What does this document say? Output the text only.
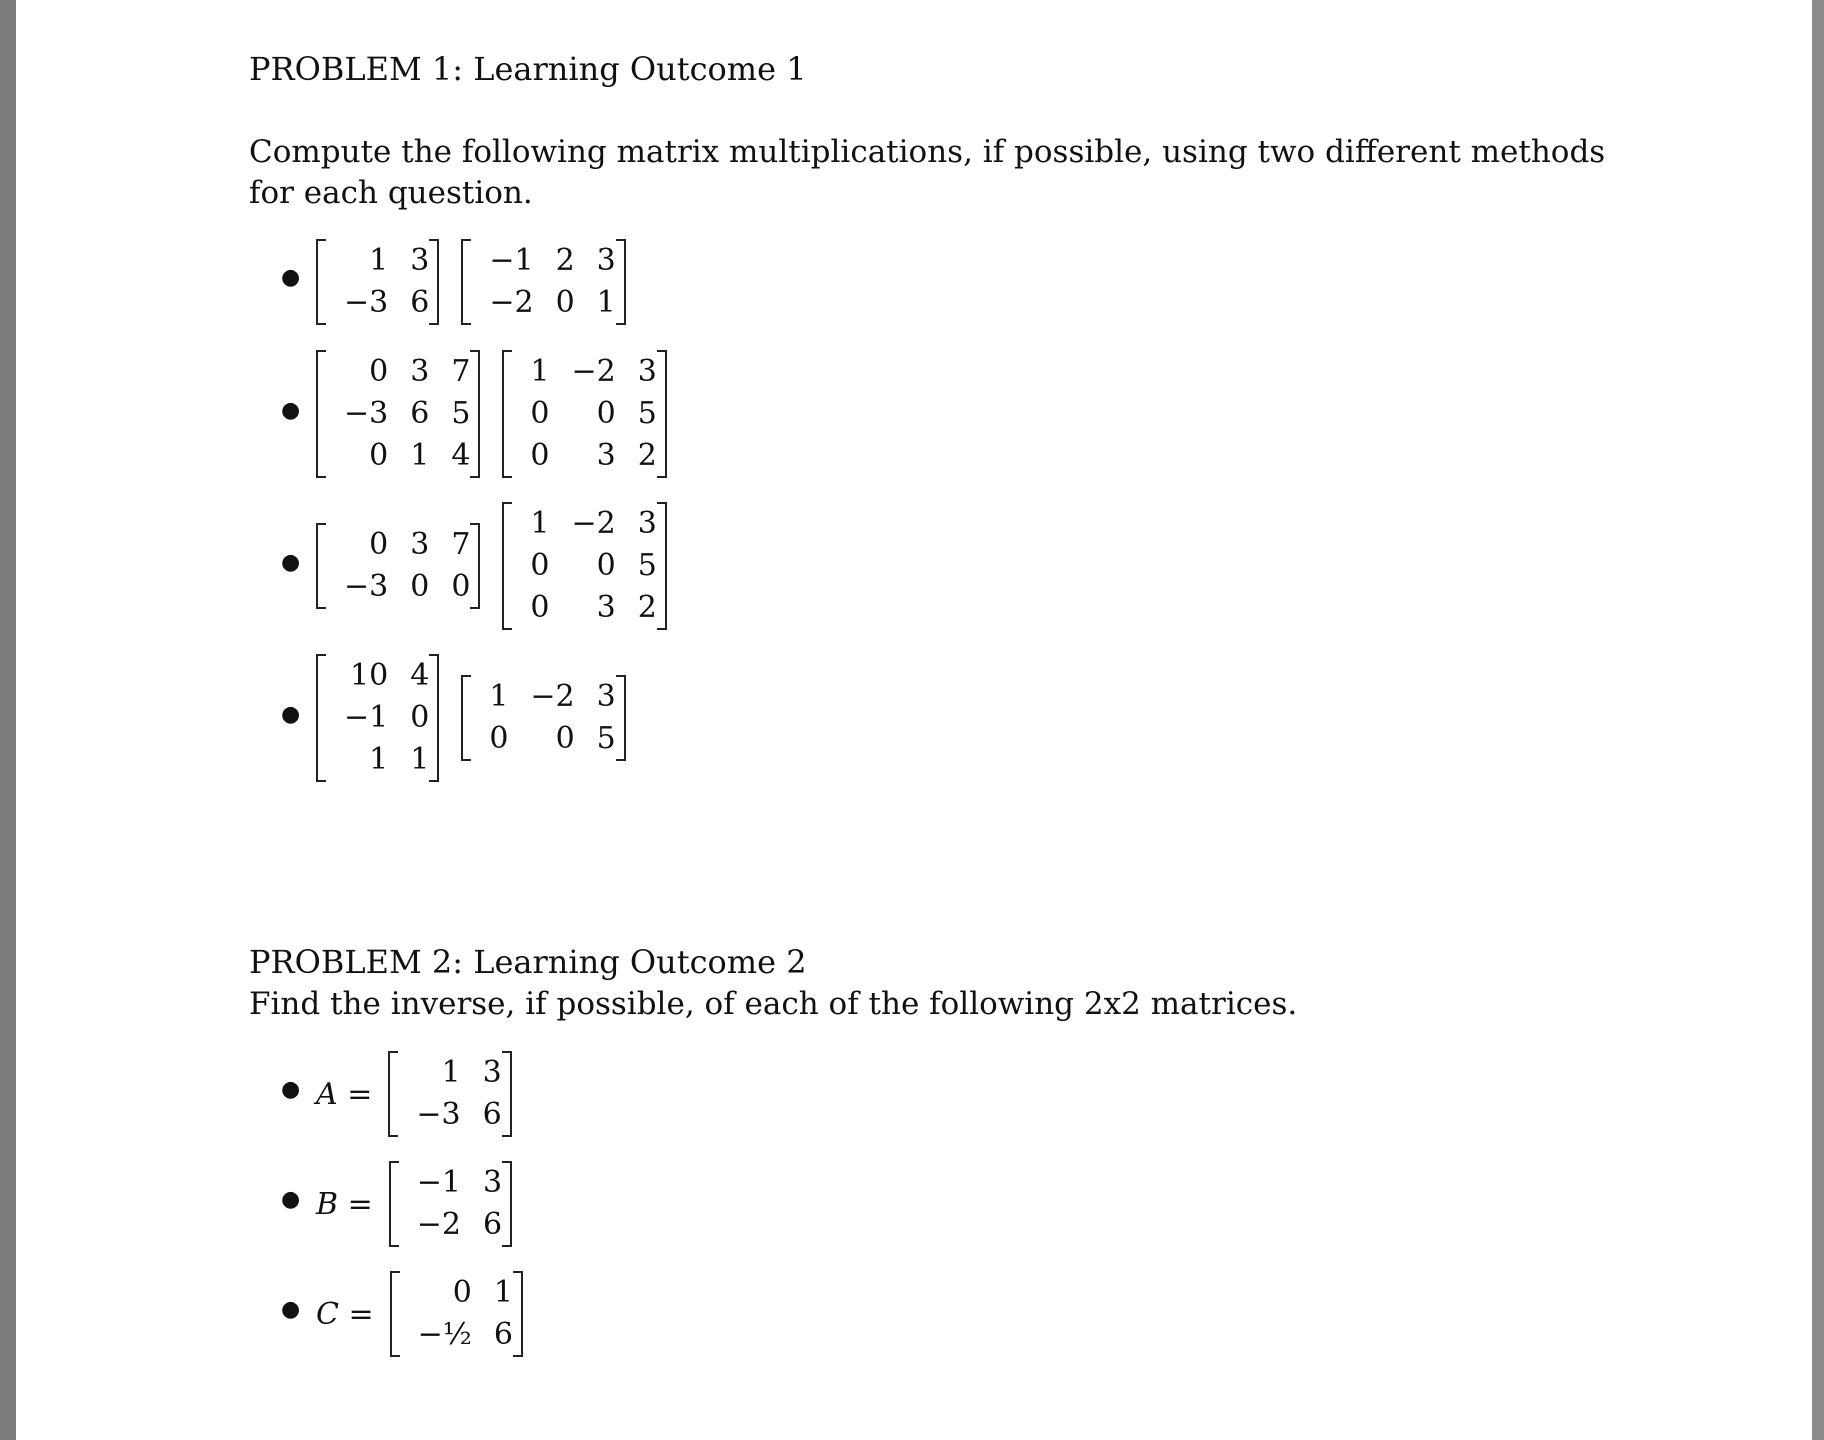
PROBLEM 1: Learning Outcome 1
Compute the following matrix multiplications, if possible, using two different methods for each question.
● 1	3
−3	6
−1	2	3
−2	0	1
●
0	3	7
−3	6	5
0	1	4
1	−2	3
0	0	5
0	3	2
●
0	3	7
−3	0	0
1	−2	3
0	0	5
0	3	2
●
10	4
−1	0
1	1
1	−2	3
0	0	5
PROBLEM 2: Learning Outcome 2
Find the inverse, if possible, of each of the following 2x2 matrices.
● A =
1	3
−3	6
● B =
−1	3
−2	6
● C =
0	1
−½	6
